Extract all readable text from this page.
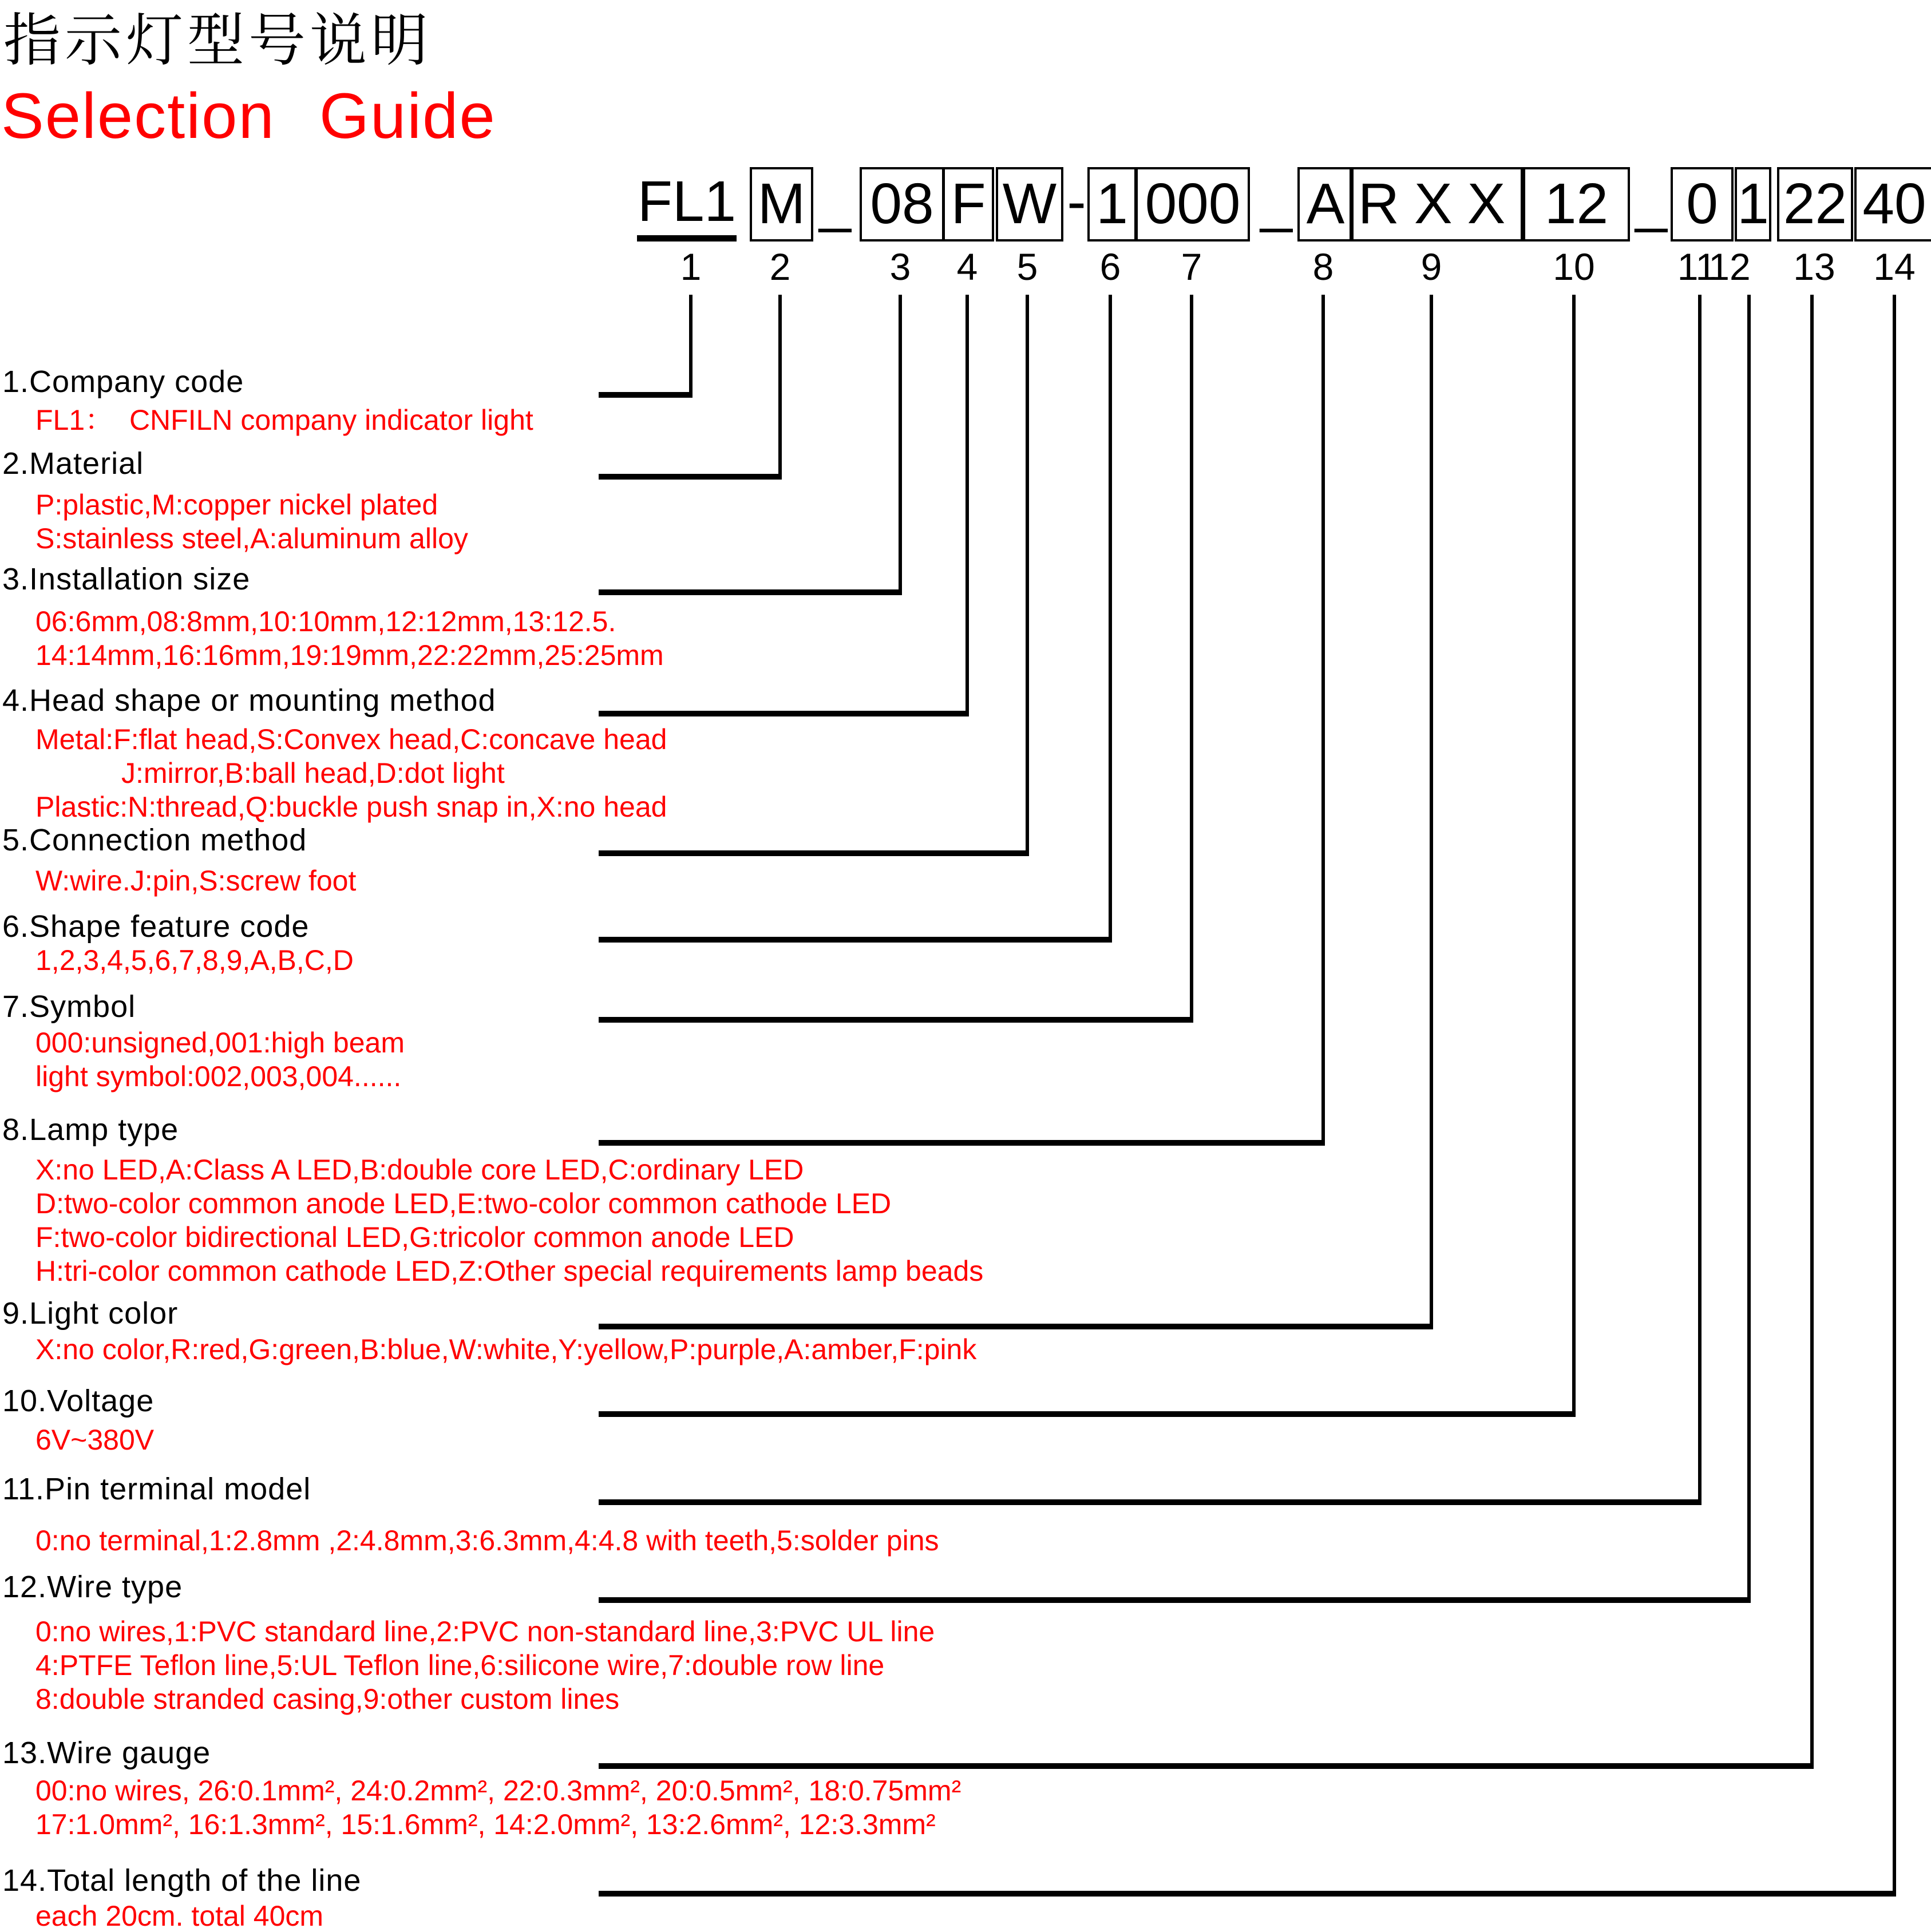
指示灯型号说明
Selection Guide
FL1 M _ 08 F W - 1 000 _ A RXX 12 _ 0 1 22 40
1 2	3 4 5 6 7	8 9	10 11
12 13 14
1.Company code
FL1：  CNFILN company indicator light
2.Material
P:plastic,M:copper nickel plated
S:stainless steel,A:aluminum alloy
3.Installation size
06:6mm,08:8mm,10:10mm,12:12mm,13:12.5.
14:14mm,16:16mm,19:19mm,22:22mm,25:25mm
4.Head shape or mounting method
Metal:F:flat head,S:Convex head,C:concave head
J:mirror,B:ball head,D:dot light
Plastic:N:thread,Q:buckle push snap in,X:no head
5.Connection method
W:wire.J:pin,S:screw foot
6.Shape feature code
1,2,3,4,5,6,7,8,9,A,B,C,D
7.Symbol
000:unsigned,001:high beam
light symbol:002,003,004......
8.Lamp type
X:no LED,A:Class A LED,B:double core LED,C:ordinary LED
D:two-color common anode LED,E:two-color common cathode LED
F:two-color bidirectional LED,G:tricolor common anode LED
H:tri-color common cathode LED,Z:Other special requirements lamp beads
9.Light color
X:no color,R:red,G:green,B:blue,W:white,Y:yellow,P:purple,A:amber,F:pink
10.Voltage
6V~380V
11.Pin terminal model
0:no terminal,1:2.8mm ,2:4.8mm,3:6.3mm,4:4.8 with teeth,5:solder pins
12.Wire type
0:no wires,1:PVC standard line,2:PVC non-standard line,3:PVC UL line
4:PTFE Teflon line,5:UL Teflon line,6:silicone wire,7:double row line
8:double stranded casing,9:other custom lines
13.Wire gauge
00:no wires, 26:0.1mm², 24:0.2mm², 22:0.3mm², 20:0.5mm², 18:0.75mm²
17:1.0mm², 16:1.3mm², 15:1.6mm², 14:2.0mm², 13:2.6mm², 12:3.3mm²
14.Total length of the line
each 20cm. total 40cm
